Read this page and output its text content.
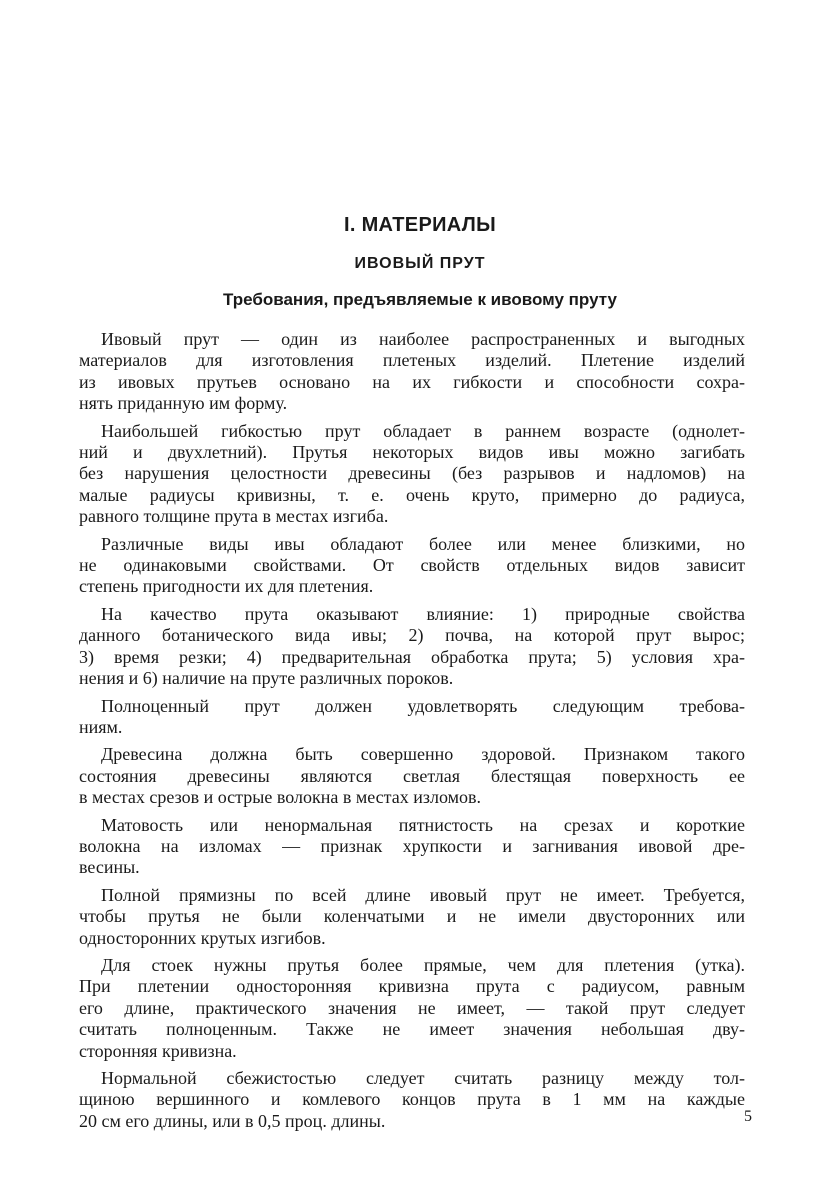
I. МАТЕРИАЛЫ
ИВОВЫЙ ПРУТ
Требования, предъявляемые к ивовому пруту

Ивовый прут — один из наиболее распространенных и выгодных
материалов для изготовления плетеных изделий. Плетение изделий
из ивовых прутьев основано на их гибкости и способности сохра-
нять приданную им форму.

Наибольшей гибкостью прут обладает в раннем возрасте (однолет-
ний и двухлетний). Прутья некоторых видов ивы можно загибать
без нарушения целостности древесины (без разрывов и надломов) на
малые радиусы кривизны, т. е. очень круто, примерно до радиуса,
равного толщине прута в местах изгиба.

Различные виды ивы обладают более или менее близкими, но
не одинаковыми свойствами. От свойств отдельных видов зависит
степень пригодности их для плетения.

На качество прута оказывают влияние: 1) природные свойства
данного ботанического вида ивы; 2) почва, на которой прут вырос;
3) время резки; 4) предварительная обработка прута; 5) условия хра-
нения и 6) наличие на пруте различных пороков.

Полноценный прут должен удовлетворять следующим требова-
ниям.

Древесина должна быть совершенно здоровой. Признаком такого
состояния древесины являются светлая блестящая поверхность ее
в местах срезов и острые волокна в местах изломов.

Матовость или ненормальная пятнистость на срезах и короткие
волокна на изломах — признак хрупкости и загнивания ивовой дре-
весины.

Полной прямизны по всей длине ивовый прут не имеет. Требуется,
чтобы прутья не были коленчатыми и не имели двусторонних или
односторонних крутых изгибов.

Для стоек нужны прутья более прямые, чем для плетения (утка).
При плетении односторонняя кривизна прута с радиусом, равным
его длине, практического значения не имеет, — такой прут следует
считать полноценным. Также не имеет значения небольшая дву-
сторонняя кривизна.

Нормальной сбежистостью следует считать разницу между тол-
щиною вершинного и комлевого концов прута в 1 мм на каждые
20 см его длины, или в 0,5 проц. длины.	5
